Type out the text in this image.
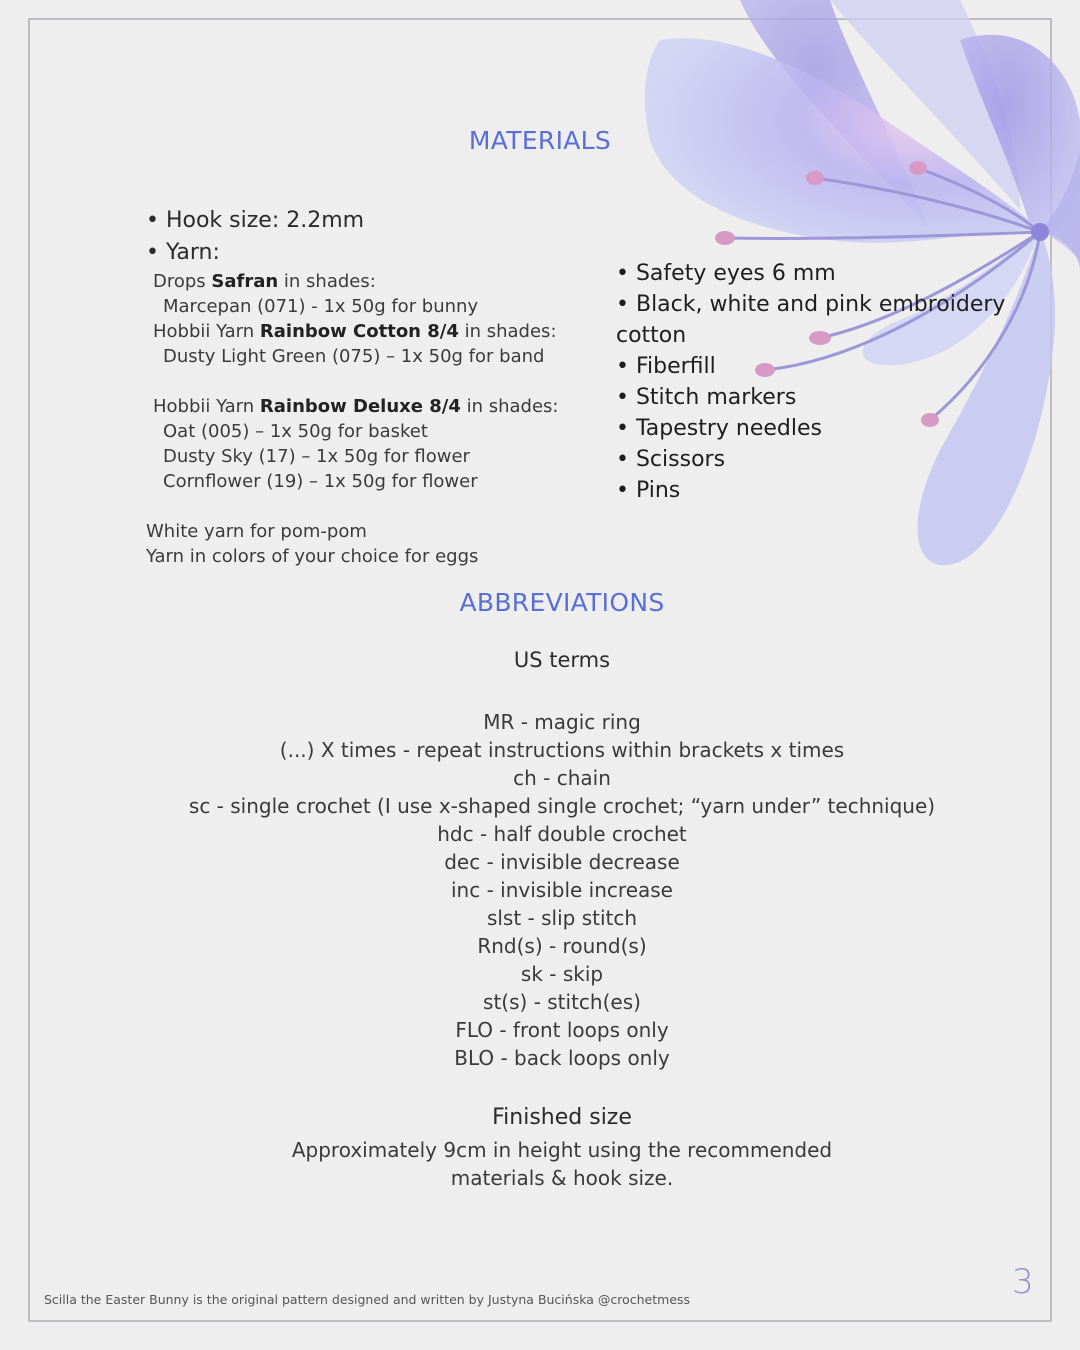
MATERIALS
• Hook size: 2.2mm
• Yarn:
Drops Safran in shades:
Marcepan (071) - 1x 50g for bunny
Hobbii Yarn Rainbow Cotton 8/4 in shades:
Dusty Light Green (075) – 1x 50g for band
Hobbii Yarn Rainbow Deluxe 8/4 in shades:
Oat (005) – 1x 50g for basket
Dusty Sky (17) – 1x 50g for flower
Cornflower (19) – 1x 50g for flower
White yarn for pom-pom
Yarn in colors of your choice for eggs
• Safety eyes 6 mm
• Black, white and pink embroidery
cotton
• Fiberfill
• Stitch markers
• Tapestry needles
• Scissors
• Pins
ABBREVIATIONS
US terms
MR - magic ring
(...) X times - repeat instructions within brackets x times
ch - chain
sc - single crochet (I use x-shaped single crochet; “yarn under” technique)
hdc - half double crochet
dec - invisible decrease
inc - invisible increase
slst - slip stitch
Rnd(s) - round(s)
sk - skip
st(s) - stitch(es)
FLO - front loops only
BLO - back loops only
Finished size
Approximately 9cm in height using the recommended
materials & hook size.
Scilla the Easter Bunny is the original pattern designed and written by Justyna Bucińska @crochetmess	3
